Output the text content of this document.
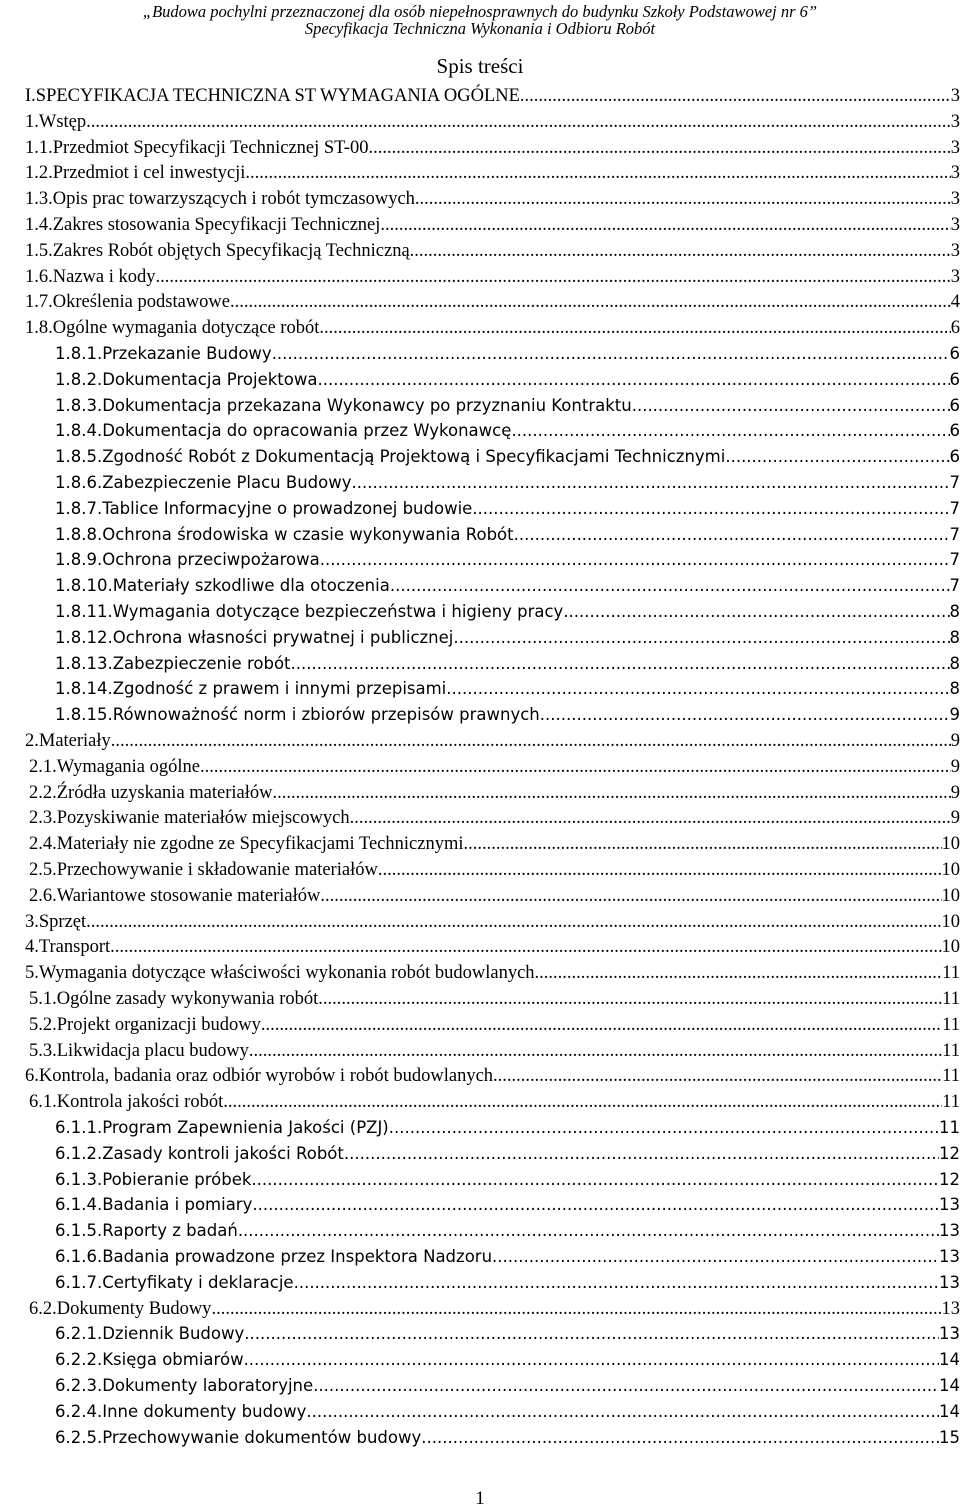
„Budowa pochylni przeznaczonej dla osób niepełnosprawnych do budynku Szkoły Podstawowej nr 6”
Specyfikacja Techniczna Wykonania i Odbioru Robót
Spis treści
I.SPECYFIKACJA TECHNICZNA ST WYMAGANIA OGÓLNE .....	3
1.Wstęp .....	3
1.1.Przedmiot Specyfikacji Technicznej ST-00 .....	3
1.2.Przedmiot i cel inwestycji .....	3
1.3.Opis prac towarzyszących i robót tymczasowych .....	3
1.4.Zakres stosowania Specyfikacji Technicznej .....	3
1.5.Zakres Robót objętych Specyfikacją Techniczną .....	3
1.6.Nazwa i kody .....	3
1.7.Określenia podstawowe .....	4
1.8.Ogólne wymagania dotyczące robót .....	6
1.8.1.Przekazanie Budowy .....	6
1.8.2.Dokumentacja Projektowa .....	6
1.8.3.Dokumentacja przekazana Wykonawcy po przyznaniu Kontraktu .....	6
1.8.4.Dokumentacja do opracowania przez Wykonawcę .....	6
1.8.5.Zgodność Robót z Dokumentacją Projektową i Specyfikacjami Technicznymi .....	6
1.8.6.Zabezpieczenie Placu Budowy .....	7
1.8.7.Tablice Informacyjne o prowadzonej budowie .....	7
1.8.8.Ochrona środowiska w czasie wykonywania Robót .....	7
1.8.9.Ochrona przeciwpożarowa .....	7
1.8.10.Materiały szkodliwe dla otoczenia .....	7
1.8.11.Wymagania dotyczące bezpieczeństwa i higieny pracy .....	8
1.8.12.Ochrona własności prywatnej i publicznej .....	8
1.8.13.Zabezpieczenie robót .....	8
1.8.14.Zgodność z prawem i innymi przepisami .....	8
1.8.15.Równoważność norm i zbiorów przepisów prawnych .....	9
2.Materiały .....	9
2.1.Wymagania ogólne .....	9
2.2.Źródła uzyskania materiałów .....	9
2.3.Pozyskiwanie materiałów miejscowych .....	9
2.4.Materiały nie zgodne ze Specyfikacjami Technicznymi .....	10
2.5.Przechowywanie i składowanie materiałów .....	10
2.6.Wariantowe stosowanie materiałów .....	10
3.Sprzęt .....	10
4.Transport .....	10
5.Wymagania dotyczące właściwości wykonania robót budowlanych .....	11
5.1.Ogólne zasady wykonywania robót .....	11
5.2.Projekt organizacji budowy .....	11
5.3.Likwidacja placu budowy .....	11
6.Kontrola, badania oraz odbiór wyrobów i robót budowlanych .....	11
6.1.Kontrola jakości robót .....	11
6.1.1.Program Zapewnienia Jakości (PZJ) .....	11
6.1.2.Zasady kontroli jakości Robót .....	12
6.1.3.Pobieranie próbek .....	12
6.1.4.Badania i pomiary .....	13
6.1.5.Raporty z badań .....	13
6.1.6.Badania prowadzone przez Inspektora Nadzoru .....	13
6.1.7.Certyfikaty i deklaracje .....	13
6.2.Dokumenty Budowy .....	13
6.2.1.Dziennik Budowy .....	13
6.2.2.Księga obmiarów .....	14
6.2.3.Dokumenty laboratoryjne .....	14
6.2.4.Inne dokumenty budowy .....	14
6.2.5.Przechowywanie dokumentów budowy .....	15
1
